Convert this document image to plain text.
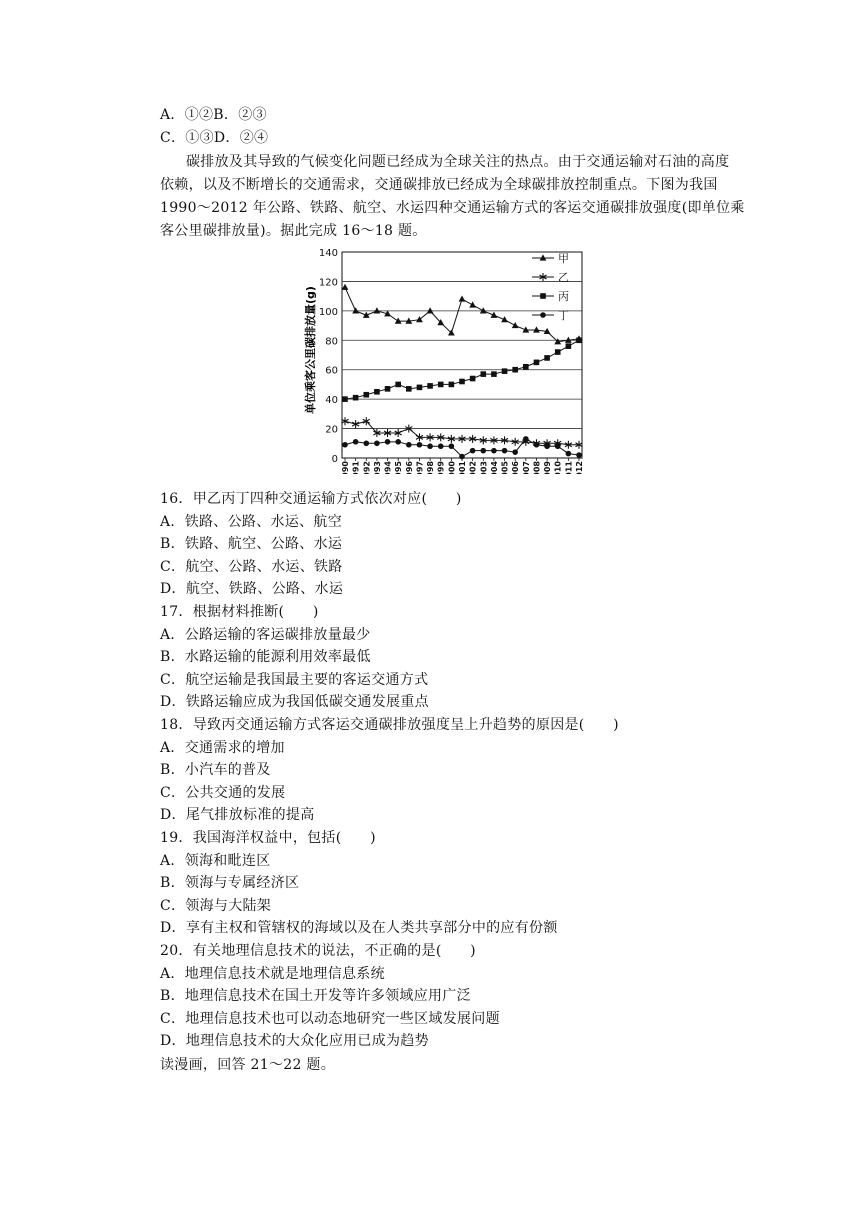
A．①②B．②③
C．①③D．②④
碳排放及其导致的气候变化问题已经成为全球关注的热点。由于交通运输对石油的高度
依赖，以及不断增长的交通需求，交通碳排放已经成为全球碳排放控制重点。下图为我国
1990～2012 年公路、铁路、航空、水运四种交通运输方式的客运交通碳排放强度(即单位乘
客公里碳排放量)。据此完成 16～18 题。
单位乘客公里碳排放量(g)
0
20
40
60
80
100
120
140
1990 1991 1992 1993 1994 1995 1996 1997 1998 1999 2000 2001 2002 2003 2004 2005 2006 2007 2008 2009 2010 2011 2012
甲
乙
丙
丁
16．甲乙丙丁四种交通运输方式依次对应(　　)
A．铁路、公路、水运、航空
B．铁路、航空、公路、水运
C．航空、公路、水运、铁路
D．航空、铁路、公路、水运
17．根据材料推断(　　)
A．公路运输的客运碳排放量最少
B．水路运输的能源利用效率最低
C．航空运输是我国最主要的客运交通方式
D．铁路运输应成为我国低碳交通发展重点
18．导致丙交通运输方式客运交通碳排放强度呈上升趋势的原因是(　　)
A．交通需求的增加
B．小汽车的普及
C．公共交通的发展
D．尾气排放标准的提高
19．我国海洋权益中，包括(　　)
A．领海和毗连区
B．领海与专属经济区
C．领海与大陆架
D．享有主权和管辖权的海域以及在人类共享部分中的应有份额
20．有关地理信息技术的说法，不正确的是(　　)
A．地理信息技术就是地理信息系统
B．地理信息技术在国土开发等许多领域应用广泛
C．地理信息技术也可以动态地研究一些区域发展问题
D．地理信息技术的大众化应用已成为趋势
读漫画，回答 21～22 题。
